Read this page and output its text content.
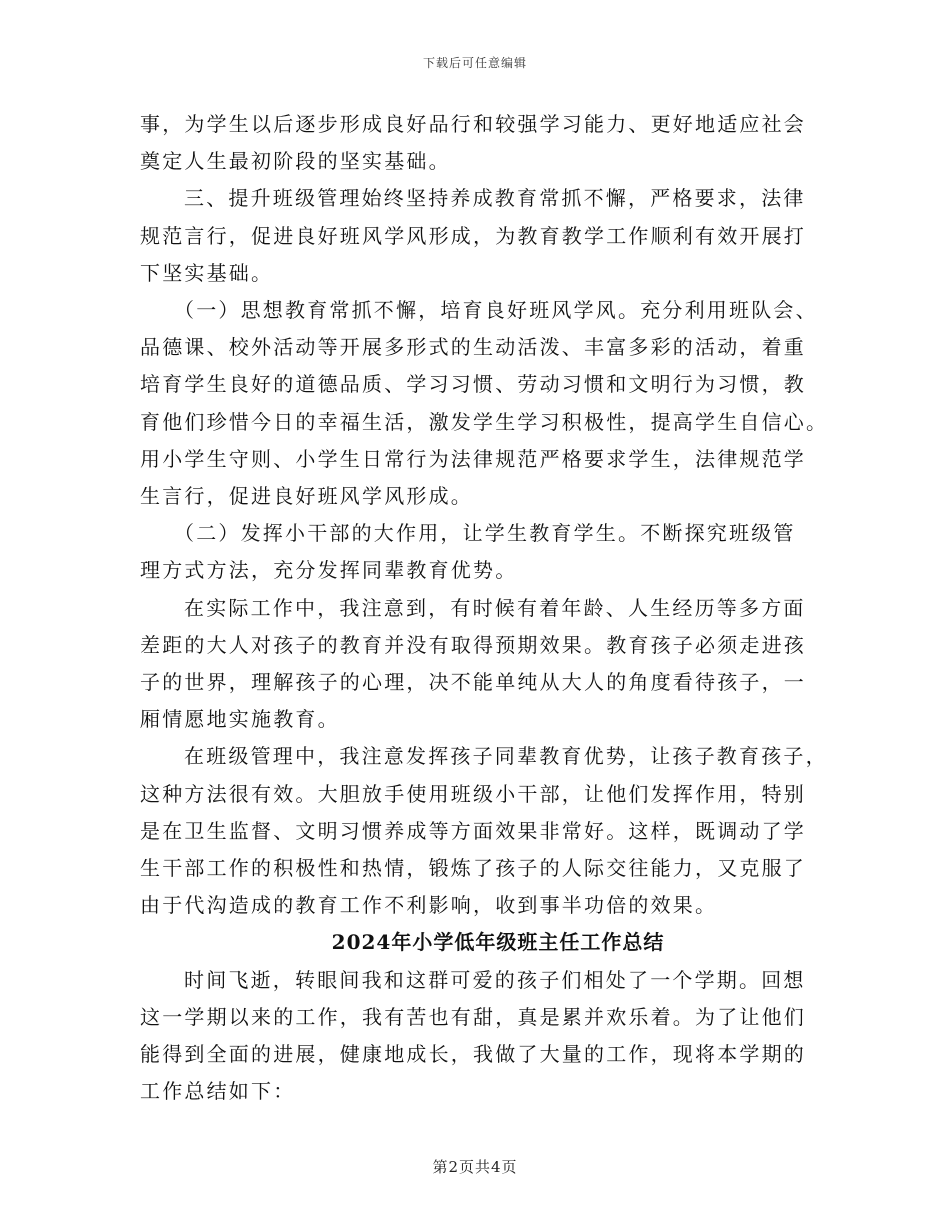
下载后可任意编辑

事，为学生以后逐步形成良好品行和较强学习能力、更好地适应社会
奠定人生最初阶段的坚实基础。

三、提升班级管理始终坚持养成教育常抓不懈，严格要求，法律
规范言行，促进良好班风学风形成，为教育教学工作顺利有效开展打
下坚实基础。

（一）思想教育常抓不懈，培育良好班风学风。充分利用班队会、
品德课、校外活动等开展多形式的生动活泼、丰富多彩的活动，着重
培育学生良好的道德品质、学习习惯、劳动习惯和文明行为习惯，教
育他们珍惜今日的幸福生活，激发学生学习积极性，提高学生自信心。
用小学生守则、小学生日常行为法律规范严格要求学生，法律规范学
生言行，促进良好班风学风形成。

（二）发挥小干部的大作用，让学生教育学生。不断探究班级管
理方式方法，充分发挥同辈教育优势。

在实际工作中，我注意到，有时候有着年龄、人生经历等多方面
差距的大人对孩子的教育并没有取得预期效果。教育孩子必须走进孩
子的世界，理解孩子的心理，决不能单纯从大人的角度看待孩子，一
厢情愿地实施教育。

在班级管理中，我注意发挥孩子同辈教育优势，让孩子教育孩子，
这种方法很有效。大胆放手使用班级小干部，让他们发挥作用，特别
是在卫生监督、文明习惯养成等方面效果非常好。这样，既调动了学
生干部工作的积极性和热情，锻炼了孩子的人际交往能力，又克服了
由于代沟造成的教育工作不利影响，收到事半功倍的效果。

2024年小学低年级班主任工作总结

时间飞逝，转眼间我和这群可爱的孩子们相处了一个学期。回想
这一学期以来的工作，我有苦也有甜，真是累并欢乐着。为了让他们
能得到全面的进展，健康地成长，我做了大量的工作，现将本学期的
工作总结如下：

第2页共4页
